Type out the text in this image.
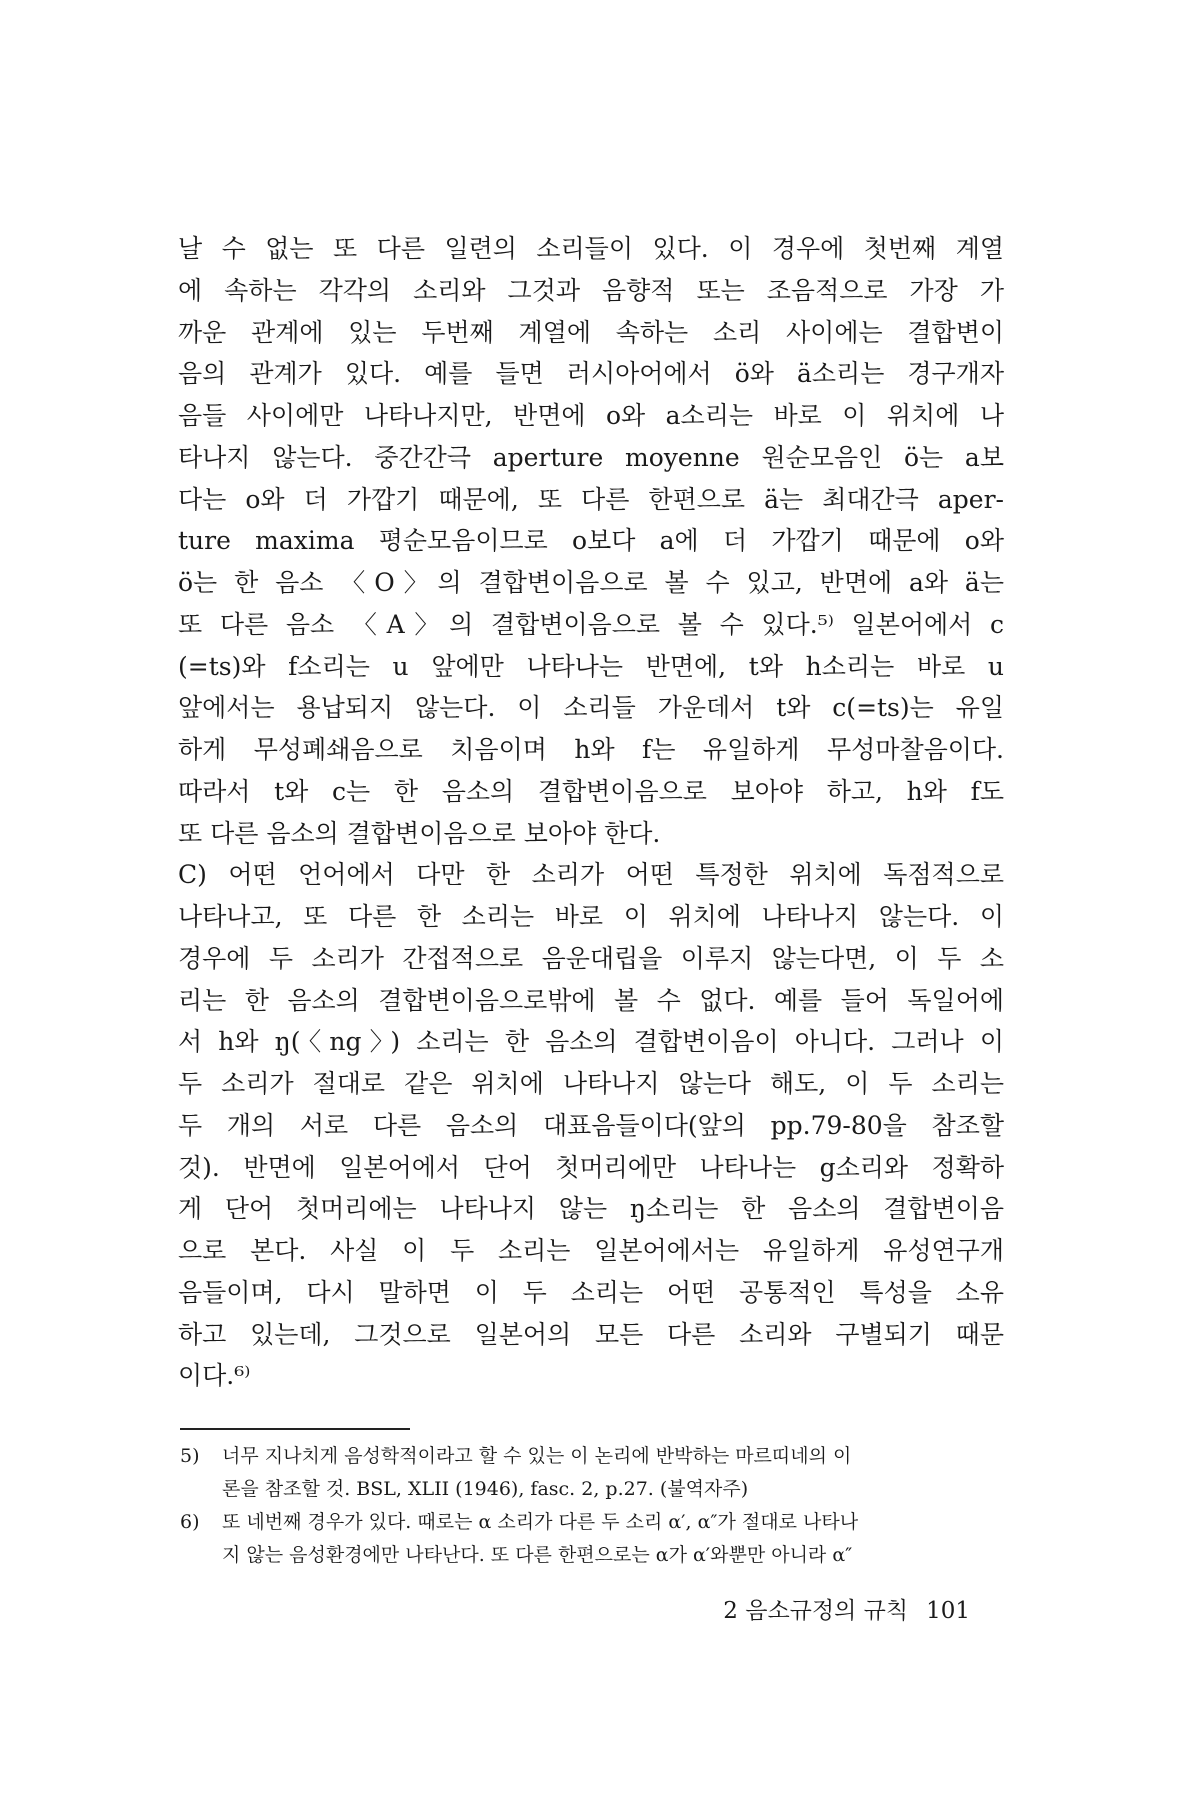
날 수 없는 또 다른 일련의 소리들이 있다. 이 경우에 첫번째 계열
에 속하는 각각의 소리와 그것과 음향적 또는 조음적으로 가장 가
까운 관계에 있는 두번째 계열에 속하는 소리 사이에는 결합변이
음의 관계가 있다. 예를 들면 러시아어에서 ö와 ä소리는 경구개자
음들 사이에만 나타나지만, 반면에 o와 a소리는 바로 이 위치에 나
타나지 않는다. 중간간극 aperture moyenne 원순모음인 ö는 a보
다는 o와 더 가깝기 때문에, 또 다른 한편으로 ä는 최대간극 aper-
ture maxima 평순모음이므로 o보다 a에 더 가깝기 때문에 o와
ö는 한 음소 〈O〉의 결합변이음으로 볼 수 있고, 반면에 a와 ä는
또 다른 음소 〈A〉의 결합변이음으로 볼 수 있다.⁵⁾ 일본어에서 c
(=ts)와 f소리는 u 앞에만 나타나는 반면에, t와 h소리는 바로 u
앞에서는 용납되지 않는다. 이 소리들 가운데서 t와 c(=ts)는 유일
하게 무성폐쇄음으로 치음이며 h와 f는 유일하게 무성마찰음이다.
따라서 t와 c는 한 음소의 결합변이음으로 보아야 하고, h와 f도
또 다른 음소의 결합변이음으로 보아야 한다.
C) 어떤 언어에서 다만 한 소리가 어떤 특정한 위치에 독점적으로
나타나고, 또 다른 한 소리는 바로 이 위치에 나타나지 않는다. 이
경우에 두 소리가 간접적으로 음운대립을 이루지 않는다면, 이 두 소
리는 한 음소의 결합변이음으로밖에 볼 수 없다. 예를 들어 독일어에
서 h와 ŋ(〈ng〉) 소리는 한 음소의 결합변이음이 아니다. 그러나 이
두 소리가 절대로 같은 위치에 나타나지 않는다 해도, 이 두 소리는
두 개의 서로 다른 음소의 대표음들이다(앞의 pp.79-80을 참조할
것). 반면에 일본어에서 단어 첫머리에만 나타나는 g소리와 정확하
게 단어 첫머리에는 나타나지 않는 ŋ소리는 한 음소의 결합변이음
으로 본다. 사실 이 두 소리는 일본어에서는 유일하게 유성연구개
음들이며, 다시 말하면 이 두 소리는 어떤 공통적인 특성을 소유
하고 있는데, 그것으로 일본어의 모든 다른 소리와 구별되기 때문
이다.⁶⁾
5) 너무 지나치게 음성학적이라고 할 수 있는 이 논리에 반박하는 마르띠네의 이
론을 참조할 것. BSL, XLII (1946), fasc. 2, p.27. (불역자주)
6) 또 네번째 경우가 있다. 때로는 α 소리가 다른 두 소리 α′, α″가 절대로 나타나
지 않는 음성환경에만 나타난다. 또 다른 한편으로는 α가 α′와뿐만 아니라 α″
2 음소규정의 규칙 101
